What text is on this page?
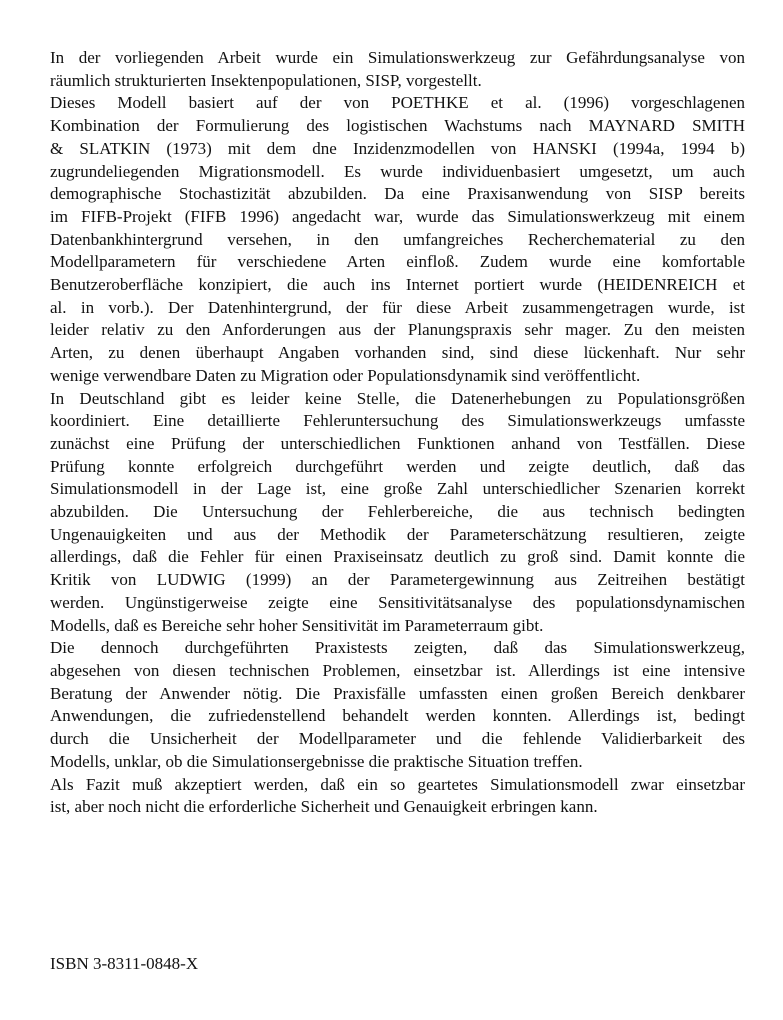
In der vorliegenden Arbeit wurde ein Simulationswerkzeug zur Gefährdungsanalyse von
räumlich strukturierten Insektenpopulationen, SISP, vorgestellt.

Dieses Modell basiert auf der von POETHKE et al. (1996) vorgeschlagenen
Kombination der Formulierung des logistischen Wachstums nach MAYNARD SMITH
& SLATKIN (1973) mit dem dne Inzidenzmodellen von HANSKI (1994a, 1994 b)
zugrundeliegenden Migrationsmodell. Es wurde individuenbasiert umgesetzt, um auch
demographische Stochastizität abzubilden. Da eine Praxisanwendung von SISP bereits
im FIFB-Projekt (FIFB 1996) angedacht war, wurde das Simulationswerkzeug mit einem
Datenbankhintergrund versehen, in den umfangreiches Recherchematerial zu den
Modellparametern für verschiedene Arten einfloß. Zudem wurde eine komfortable
Benutzeroberfläche konzipiert, die auch ins Internet portiert wurde (HEIDENREICH et
al. in vorb.). Der Datenhintergrund, der für diese Arbeit zusammengetragen wurde, ist
leider relativ zu den Anforderungen aus der Planungspraxis sehr mager. Zu den meisten
Arten, zu denen überhaupt Angaben vorhanden sind, sind diese lückenhaft. Nur sehr
wenige verwendbare Daten zu Migration oder Populationsdynamik sind veröffentlicht.

In Deutschland gibt es leider keine Stelle, die Datenerhebungen zu Populationsgrößen
koordiniert. Eine detaillierte Fehleruntersuchung des Simulationswerkzeugs umfasste
zunächst eine Prüfung der unterschiedlichen Funktionen anhand von Testfällen. Diese
Prüfung konnte erfolgreich durchgeführt werden und zeigte deutlich, daß das
Simulationsmodell in der Lage ist, eine große Zahl unterschiedlicher Szenarien korrekt
abzubilden. Die Untersuchung der Fehlerbereiche, die aus technisch bedingten
Ungenauigkeiten und aus der Methodik der Parameterschätzung resultieren, zeigte
allerdings, daß die Fehler für einen Praxiseinsatz deutlich zu groß sind. Damit konnte die
Kritik von LUDWIG (1999) an der Parametergewinnung aus Zeitreihen bestätigt
werden. Ungünstigerweise zeigte eine Sensitivitätsanalyse des populationsdynamischen
Modells, daß es Bereiche sehr hoher Sensitivität im Parameterraum gibt.

Die dennoch durchgeführten Praxistests zeigten, daß das Simulationswerkzeug,
abgesehen von diesen technischen Problemen, einsetzbar ist. Allerdings ist eine intensive
Beratung der Anwender nötig. Die Praxisfälle umfassten einen großen Bereich denkbarer
Anwendungen, die zufriedenstellend behandelt werden konnten. Allerdings ist, bedingt
durch die Unsicherheit der Modellparameter und die fehlende Validierbarkeit des
Modells, unklar, ob die Simulationsergebnisse die praktische Situation treffen.

Als Fazit muß akzeptiert werden, daß ein so geartetes Simulationsmodell zwar einsetzbar
ist, aber noch nicht die erforderliche Sicherheit und Genauigkeit erbringen kann.

ISBN 3-8311-0848-X
